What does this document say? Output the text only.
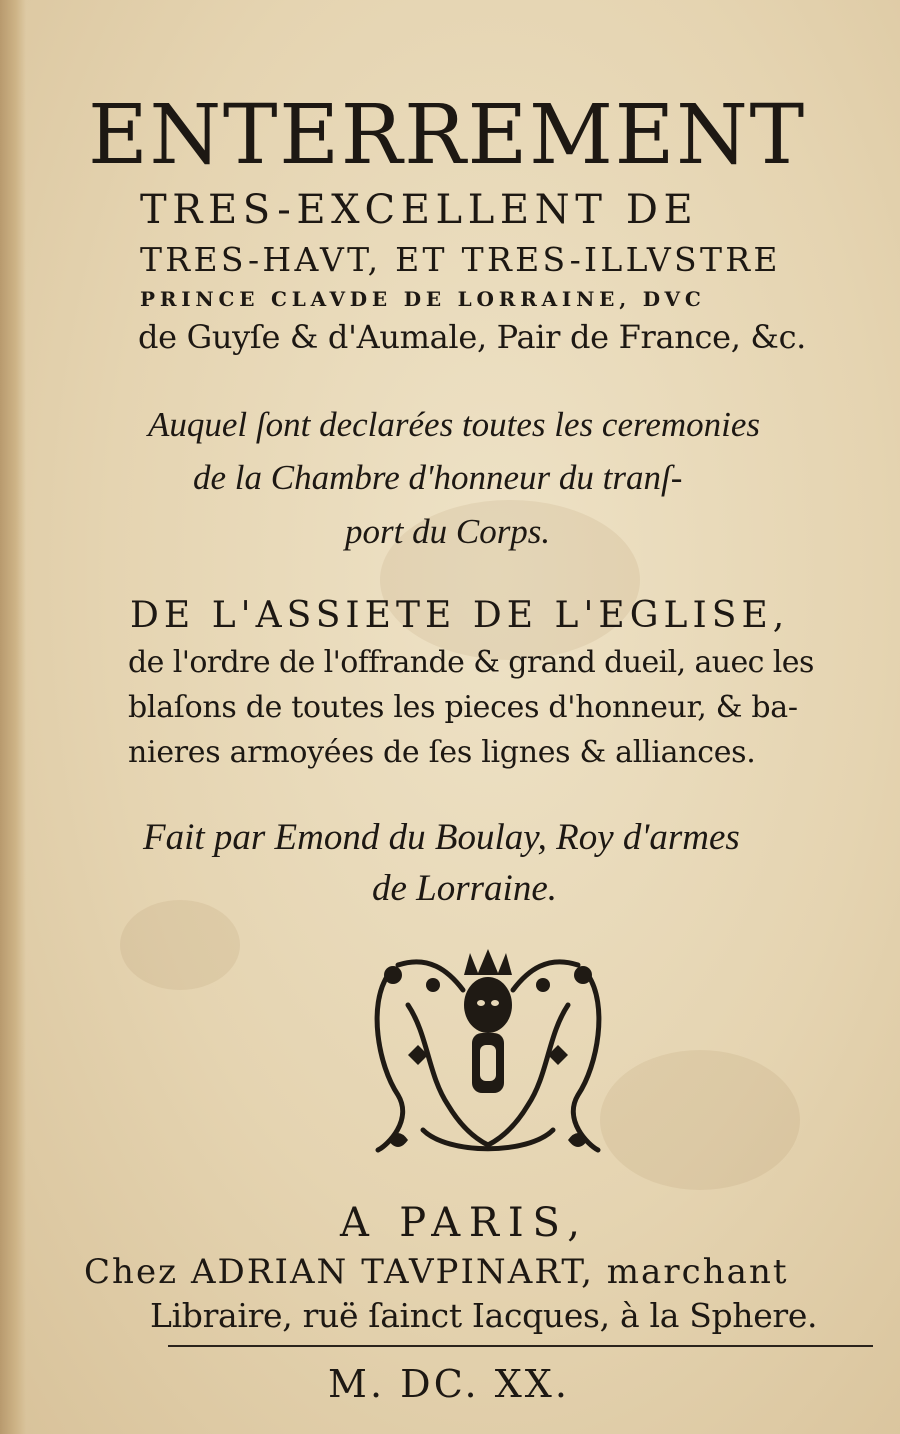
ENTERREMENT

TRES-EXCELLENT DE

TRES-HAVT, ET TRES-ILLVSTRE

PRINCE CLAVDE DE LORRAINE, DVC

de Guyſe & d'Aumale, Pair de France, &c.

Auquel ſont declarées toutes les ceremonies

de la Chambre d'honneur du tranſ-

port du Corps.

DE L'ASSIETE DE L'EGLISE,

de l'ordre de l'offrande & grand dueil, auec les

blaſons de toutes les pieces d'honneur, & ba-

nieres armoyées de ſes lignes & alliances.

Fait par Emond du Boulay, Roy d'armes

de Lorraine.

A PARIS,

Chez ADRIAN TAVPINART, marchant

Libraire, ruë ſainct Iacques, à la Sphere.

M. DC. XX.
